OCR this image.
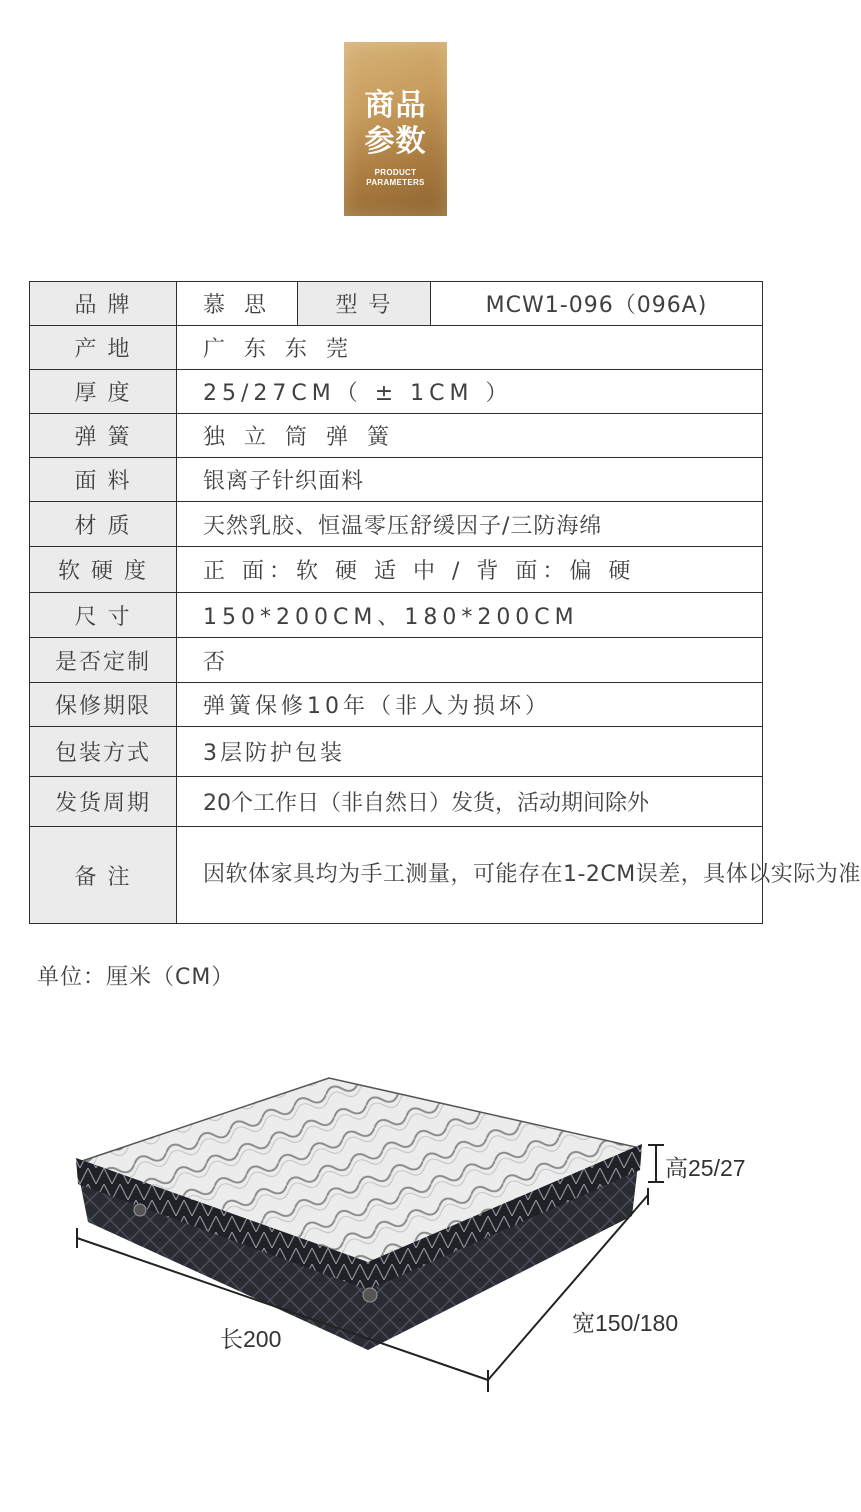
商品
参数
PRODUCT
PARAMETERS
品 牌	慕 思	型 号	MCW1-096（096A)
产 地	广 东 东 莞		
厚 度	25/27CM（ ± 1CM ）		
弹 簧	独 立 筒 弹 簧		
面 料	银离子针织面料		
材 质	天然乳胶、恒温零压舒缓因子/三防海绵		
软 硬 度	正 面：软 硬 适 中 / 背 面：偏 硬		
尺 寸	150*200CM、180*200CM		
是否定制	否		
保修期限	弹簧保修10年（非人为损坏）		
包装方式	3层防护包装		
发货周期	20个工作日（非自然日）发货，活动期间除外		
备 注	因软体家具均为手工测量，可能存在1-2CM误差，具体以实际为准		
单位：厘米（CM）
高25/27
长200
宽150/180
